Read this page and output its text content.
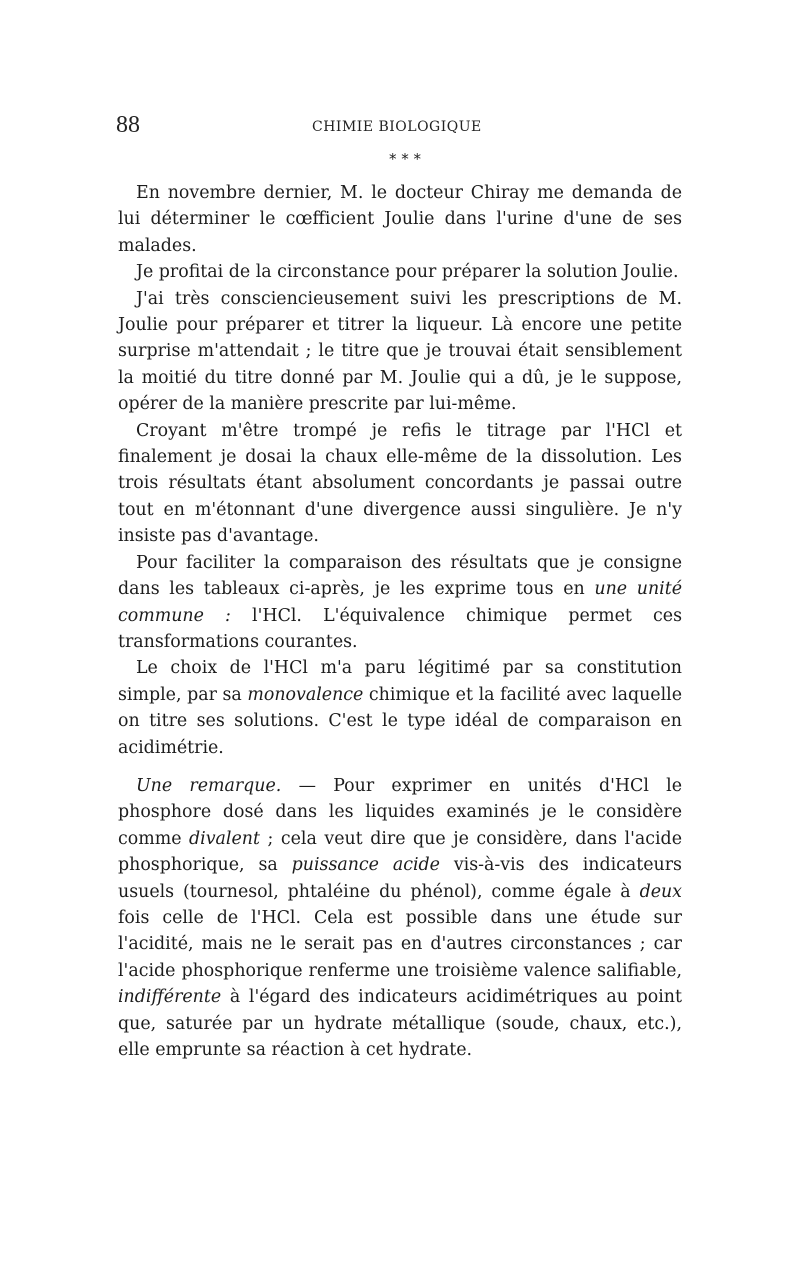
88	CHIMIE BIOLOGIQUE
* * *

En novembre dernier, M. le docteur Chiray me demanda de lui déterminer le cœfficient Joulie dans l'urine d'une de ses malades.

Je profitai de la circonstance pour préparer la solution Joulie.

J'ai très consciencieusement suivi les prescriptions de M. Joulie pour préparer et titrer la liqueur. Là encore une petite surprise m'attendait ; le titre que je trouvai était sensiblement la moitié du titre donné par M. Joulie qui a dû, je le suppose, opérer de la manière prescrite par lui-même.

Croyant m'être trompé je refis le titrage par l'HCl et finalement je dosai la chaux elle-même de la dissolution. Les trois résultats étant absolument concordants je passai outre tout en m'étonnant d'une divergence aussi singulière. Je n'y insiste pas d'avantage.

Pour faciliter la comparaison des résultats que je consigne dans les tableaux ci-après, je les exprime tous en une unité commune : l'HCl. L'équivalence chimique permet ces transformations courantes.

Le choix de l'HCl m'a paru légitimé par sa constitution simple, par sa monovalence chimique et la facilité avec laquelle on titre ses solutions. C'est le type idéal de comparaison en acidimétrie.

Une remarque. — Pour exprimer en unités d'HCl le phosphore dosé dans les liquides examinés je le considère comme divalent ; cela veut dire que je considère, dans l'acide phosphorique, sa puissance acide vis-à-vis des indicateurs usuels (tournesol, phtaléine du phénol), comme égale à deux fois celle de l'HCl. Cela est possible dans une étude sur l'acidité, mais ne le serait pas en d'autres circonstances ; car l'acide phosphorique renferme une troisième valence salifiable, indifférente à l'égard des indicateurs acidimétriques au point que, saturée par un hydrate métallique (soude, chaux, etc.), elle emprunte sa réaction à cet hydrate.
